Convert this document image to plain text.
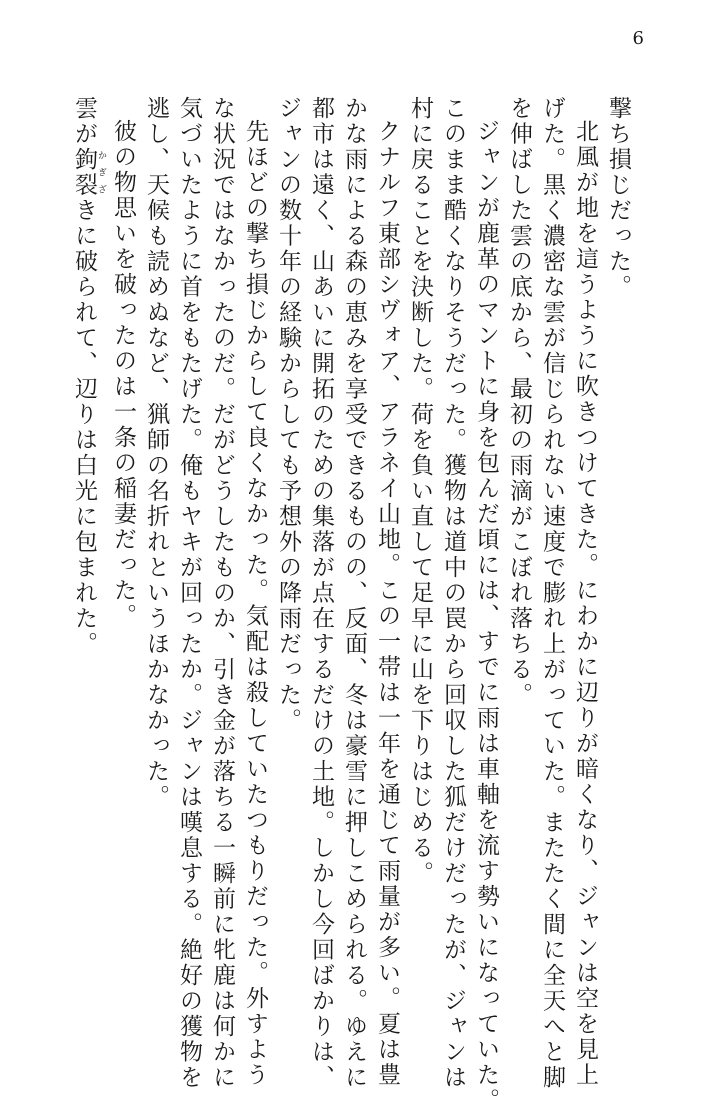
6

撃ち損じだった。

北風が地を這うように吹きつけてきた。にわかに辺りが暗くなり、ジャンは空を見上

げた。黒く濃密な雲が信じられない速度で膨れ上がっていた。またたく間に全天へと脚

を伸ばした雲の底から、最初の雨滴がこぼれ落ちる。

ジャンが鹿革のマントに身を包んだ頃には、すでに雨は車軸を流す勢いになっていた。

このまま酷くなりそうだった。獲物は道中の罠から回収した狐だけだったが、ジャンは

村に戻ることを決断した。荷を負い直して足早に山を下りはじめる。

クナルフ東部シヴォア、アラネイ山地。この一帯は一年を通じて雨量が多い。夏は豊

かな雨による森の恵みを享受できるものの、反面、冬は豪雪に押しこめられる。ゆえに

都市は遠く、山あいに開拓のための集落が点在するだけの土地。しかし今回ばかりは、

ジャンの数十年の経験からしても予想外の降雨だった。

先ほどの撃ち損じからして良くなかった。気配は殺していたつもりだった。外すよう

な状況ではなかったのだ。だがどうしたものか、引き金が落ちる一瞬前に牝鹿は何かに

気づいたように首をもたげた。俺もヤキが回ったか。ジャンは嘆息する。絶好の獲物を

逃し、天候も読めぬなど、猟師の名折れというほかなかった。

彼の物思いを破ったのは一条の稲妻だった。

雲が鉤裂 かぎざきに破られて、辺りは白光に包まれた。
